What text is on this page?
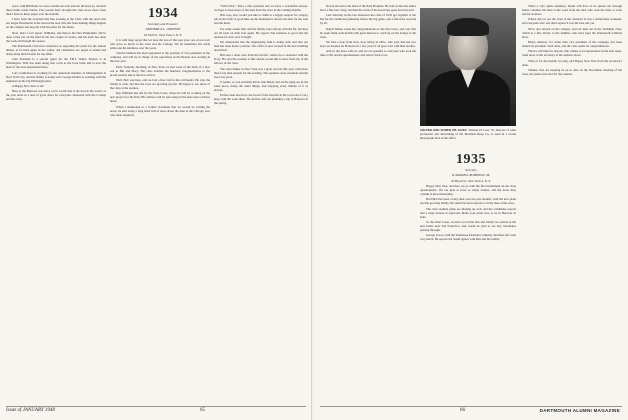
space with Bill Bates we were around our own and not diverted us, and that these items really matter. Few people have brought the class news more close than I have in these pages over the months.

I have been the recipient this fine evening at the Class with the news that our Roger Hawthorne is the man in the area who has been making things happen on the campus and beyond with his plans for the future.

Next, that's a fact report. Williams, and then to the New Hampshire, We've done a fine job on the field in the last couple of weeks, and his team has done the work all through the season.

The Dartmouth Club have informed us regarding the plans for the annual dinner, to be held again in the winter. All classmates are urged to attend and bring along their friends for the affair.

Chet Eastman is a special agent for the F.B.I. Walter Watson is in Washington. Walt has been doing fine work at the local bank and is now the head of the trust department there.

Carl Carmichael is working for the American Institute of Management in New York City, and his family is doing well. George Dennis is working with the engineers in the big Pittsburgh plant.

A Happy New Year to all!

Here at the Hanover area have a few words that is the best in the world, as the year ends on a note of good cheer for everyone connected with the College and the class.

1934

Secretary and Treasurer

FREDERICK L. JOHNSON

63 Wall St., New York 5, N. Y.

It is with deep regret that we note the loss of this past year, one of our own who gave so much to the class and the College. We all remember his warm smile and his kindness over the years.

Charles Daniels has been appointed to the position of vice president of the company, and will be in charge of the operations in the Boston area starting in the new year.

Early Saturday morning, in New York we had word of the birth of a new son to Bill and Mary. The class extends the heartiest congratulations to the proud parents and to the new arrival.

Well, Bob was here, and we had a fine visit in the old haunts. He says the family is well, and that the boys are growing up fast. He hopes to see more of the class at the reunion.

Ray Williams has left for the West Coast, where he will be working on the new project for the firm. His address will be sent along in the next issue of these notes.

When I mentioned to a former classmate that we would be writing the notes, he sent along a long letter full of news about the men in the Chicago area who meet regularly.

"Wild Dick," that's a fine question and we have a wonderful answer, we hope to hear more of the men from the class in the coming months.

Bob says, how would you like to climb to a bigger outpost for a happy job on the trail? A good hike up the mountain is always the best for the soul and the heart.

For some weeks Mac and his family were laid up with the flu, but they are all back on their feet again. He reports that business is good and the outlook for next year is bright.

We understand that the engineering firm is doing well, and that our man has been made a partner. The office is now located in the new building downtown.

Bill sent a short note from the Pacific, where he is stationed with the Navy. He says the weather is fine and he would like to hear from any of the fellows of the class.

The class dinner in New York was a great success this year, with more than forty men present for the evening. The speakers were excellent and the food was good.

It seems, as you probably know, that Brady and all the gang are in the same place, doing the same things, and enjoying every minute of it as always.

Ed has been elected to the board of the hospital in his town and is very busy with the work there. He and his wife are planning a trip to Hanover in the spring.

Newly elected is the head of the Park Hospital. He tells us that the ladies have a fine new wing, and that the work of the board has gone forward well.

Last Saturday in the late afternoon the class of 1935 got together at the Inn for the traditional gathering before the big game, and a fine time was had by all.

Ralph Walker sends his congratulations on the fine notes, and says that he reads them each month with great interest to catch up on the doings of the class.

We had a note from Ken, now living in Ohio, who says that his two boys are headed for Hanover in a few years if all goes well with their studies.

And so the news rolls in, and we are grateful to everyone who took the time to fill out the questionnaire and send it back to us.

SIGNER AND WIDER HE GOES: Thomas H. Lees '35, director of sales promotion and advertising of the Marshall Drug Co., is seen in a recent photograph here in the office.

1935

Secretary

R. MANSELL ROBINSON, JR.

50 Broad St., New York 4, N. Y.

Happy New Year, and here we go with the first installment on the class questionnaire. We are glad to have so many returns, and the news they contain is most interesting.

Hal Hirst has been a busy man over the past months, with the new plant and the growing family. He sends his best regards to all the men of the class.

The class reunion plans are shaping up well, and the committee reports that a large turnout is expected. Make your plans now to be in Hanover in June.

To the West Coast, we have word that Jim and family are settled in the new home near San Francisco, and would be glad to see any classmates passing through.

George is now with the Tennessee Eastman Company and likes the work very much. He reports the South agrees with him and the family.

That's a very quick summary. Death will have to be spread out through future columns but here is the word from the men who took the time to write and let us know.

Where did we see the class at the reunion? It was a memorable weekend, and everyone who was there agrees it was the best one yet.

We're also shown on the campus, and our men are in the freshman class, which is a fine tribute to the families who have kept the Dartmouth tradition alive.

Henry Allerton, for some time vice president of the company, has been named its president. Well done, and the class sends its congratulations.

There's still time for anyone who wishes to be represented in the next issue. Send news to the secretary at the address above.

That's it for the month. So long, and Happy New Year from the secretary's desk.

Thanks, Ted, for keeping us up to date. In the November meeting of the class, the plans were laid for the reunion.

Issue of JANUARY 1948	65	66	DARTMOUTH ALUMNI MAGAZINE
